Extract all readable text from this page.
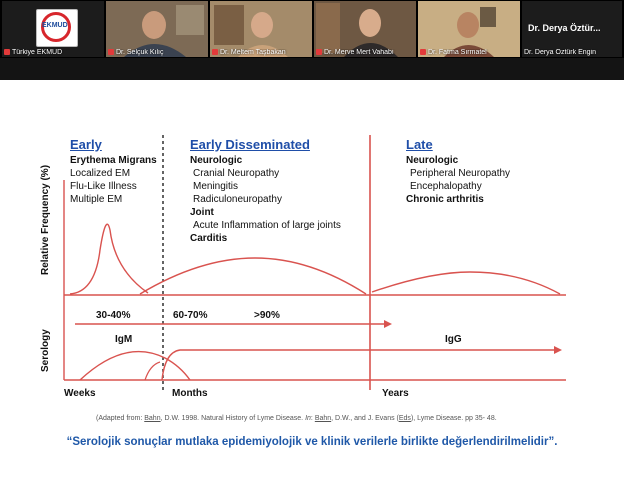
EKMUD
Türkiye EKMUD	Dr. Selçuk Kılıç	Dr. Meltem Taşbakan	Dr. Merve Mert Vahabi	Dr. Fatma Sırmatel
Dr. Derya Öztür...
Dr. Derya Öztürk Engin
Early	Early Disseminated	Late
Erythema Migrans
Localized EM
Flu-Like Illness
Multiple EM
Neurologic
Cranial Neuropathy
Meningitis
Radiculoneuropathy
Joint
Acute Inflammation of large joints
Carditis
Neurologic
Peripheral Neuropathy
Encephalopathy
Chronic arthritis
Relative Frequency (%)
Serology
30-40%	60-70%	>90%
IgM	IgG
Weeks	Months	Years
(Adapted from: Bahn, D.W. 1998. Natural History of Lyme Disease. In: Bahn, D.W., and J. Evans (Eds), Lyme Disease. pp 35- 48.
“Serolojik sonuçlar mutlaka epidemiyolojik ve klinik verilerle birlikte değerlendirilmelidir”.
